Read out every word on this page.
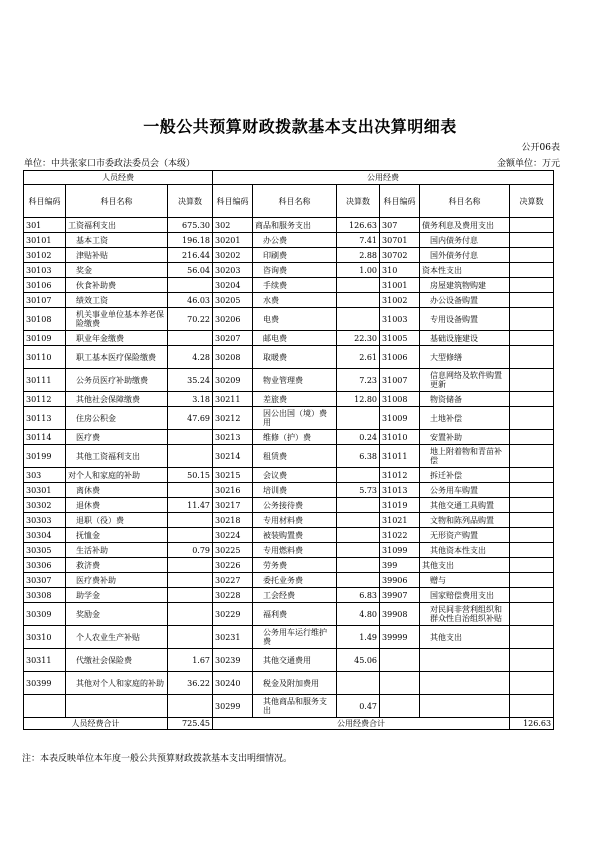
一般公共预算财政拨款基本支出决算明细表
公开06表
单位：中共张家口市委政法委员会（本级）	金额单位：万元
人员经费			公用经费					
科目编码	科目名称	决算数	科目编码	科目名称	决算数	科目编码	科目名称	决算数
301	工资福利支出	675.30	302	商品和服务支出	126.63	307	债务利息及费用支出	
30101	基本工资	196.18	30201	办公费	7.41	30701	国内债务付息	
30102	津贴补贴	216.44	30202	印刷费	2.88	30702	国外债务付息	
30103	奖金	56.04	30203	咨询费	1.00	310	资本性支出	
30106	伙食补助费		30204	手续费		31001	房屋建筑物购建	
30107	绩效工资	46.03	30205	水费		31002	办公设备购置	
30108	机关事业单位基本养老保险缴费	70.22	30206	电费		31003	专用设备购置	
30109	职业年金缴费		30207	邮电费	22.30	31005	基础设施建设	
30110	职工基本医疗保险缴费	4.28	30208	取暖费	2.61	31006	大型修缮	
30111	公务员医疗补助缴费	35.24	30209	物业管理费	7.23	31007	信息网络及软件购置更新	
30112	其他社会保障缴费	3.18	30211	差旅费	12.80	31008	物资储备	
30113	住房公积金	47.69	30212	因公出国（境）费用		31009	土地补偿	
30114	医疗费		30213	维修（护）费	0.24	31010	安置补助	
30199	其他工资福利支出		30214	租赁费	6.38	31011	地上附着物和青苗补偿	
303	对个人和家庭的补助	50.15	30215	会议费		31012	拆迁补偿	
30301	离休费		30216	培训费	5.73	31013	公务用车购置	
30302	退休费	11.47	30217	公务接待费		31019	其他交通工具购置	
30303	退职（役）费		30218	专用材料费		31021	文物和陈列品购置	
30304	抚恤金		30224	被装购置费		31022	无形资产购置	
30305	生活补助	0.79	30225	专用燃料费		31099	其他资本性支出	
30306	救济费		30226	劳务费		399	其他支出	
30307	医疗费补助		30227	委托业务费		39906	赠与	
30308	助学金		30228	工会经费	6.83	39907	国家赔偿费用支出	
30309	奖励金		30229	福利费	4.80	39908	对民间非营利组织和群众性自治组织补贴	
30310	个人农业生产补贴		30231	公务用车运行维护费	1.49	39999	其他支出	
30311	代缴社会保险费	1.67	30239	其他交通费用	45.06			
30399	其他对个人和家庭的补助	36.22	30240	税金及附加费用				
			30299	其他商品和服务支出	0.47			
人员经费合计		725.45	公用经费合计					126.63
注：本表反映单位本年度一般公共预算财政拨款基本支出明细情况。
